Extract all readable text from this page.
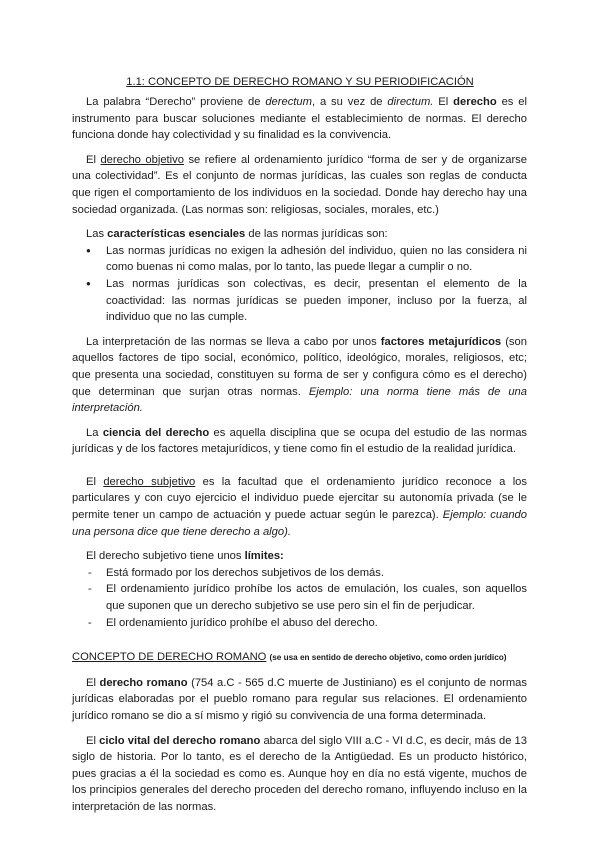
1.1: CONCEPTO DE DERECHO ROMANO Y SU PERIODIFICACIÓN

La palabra “Derecho” proviene de derectum, a su vez de directum. El derecho es el instrumento para buscar soluciones mediante el establecimiento de normas. El derecho funciona donde hay colectividad y su finalidad es la convivencia.

El derecho objetivo se refiere al ordenamiento jurídico “forma de ser y de organizarse una colectividad”. Es el conjunto de normas jurídicas, las cuales son reglas de conducta que rigen el comportamiento de los individuos en la sociedad. Donde hay derecho hay una sociedad organizada. (Las normas son: religiosas, sociales, morales, etc.)

Las características esenciales de las normas jurídicas son:

● Las normas jurídicas no exigen la adhesión del individuo, quien no las considera ni como buenas ni como malas, por lo tanto, las puede llegar a cumplir o no.
● Las normas jurídicas son colectivas, es decir, presentan el elemento de la coactividad: las normas jurídicas se pueden imponer, incluso por la fuerza, al individuo que no las cumple.

La interpretación de las normas se lleva a cabo por unos factores metajurídicos (son aquellos factores de tipo social, económico, político, ideológico, morales, religiosos, etc; que presenta una sociedad, constituyen su forma de ser y configura cómo es el derecho) que determinan que surjan otras normas. Ejemplo: una norma tiene más de una interpretación.

La ciencia del derecho es aquella disciplina que se ocupa del estudio de las normas jurídicas y de los factores metajurídicos, y tiene como fin el estudio de la realidad jurídica.

El derecho subjetivo es la facultad que el ordenamiento jurídico reconoce a los particulares y con cuyo ejercicio el individuo puede ejercitar su autonomía privada (se le permite tener un campo de actuación y puede actuar según le parezca). Ejemplo: cuando una persona dice que tiene derecho a algo).

El derecho subjetivo tiene unos límites:

- Está formado por los derechos subjetivos de los demás.
- El ordenamiento jurídico prohíbe los actos de emulación, los cuales, son aquellos que suponen que un derecho subjetivo se use pero sin el fin de perjudicar.
- El ordenamiento jurídico prohíbe el abuso del derecho.

CONCEPTO DE DERECHO ROMANO (se usa en sentido de derecho objetivo, como orden jurídico)

El derecho romano (754 a.C - 565 d.C muerte de Justiniano) es el conjunto de normas jurídicas elaboradas por el pueblo romano para regular sus relaciones. El ordenamiento jurídico romano se dio a sí mismo y rigió su convivencia de una forma determinada.

El ciclo vital del derecho romano abarca del siglo VIII a.C - VI d.C, es decir, más de 13 siglo de historia. Por lo tanto, es el derecho de la Antigüedad. Es un producto histórico, pues gracias a él la sociedad es como es. Aunque hoy en día no está vigente, muchos de los principios generales del derecho proceden del derecho romano, influyendo incluso en la interpretación de las normas.
